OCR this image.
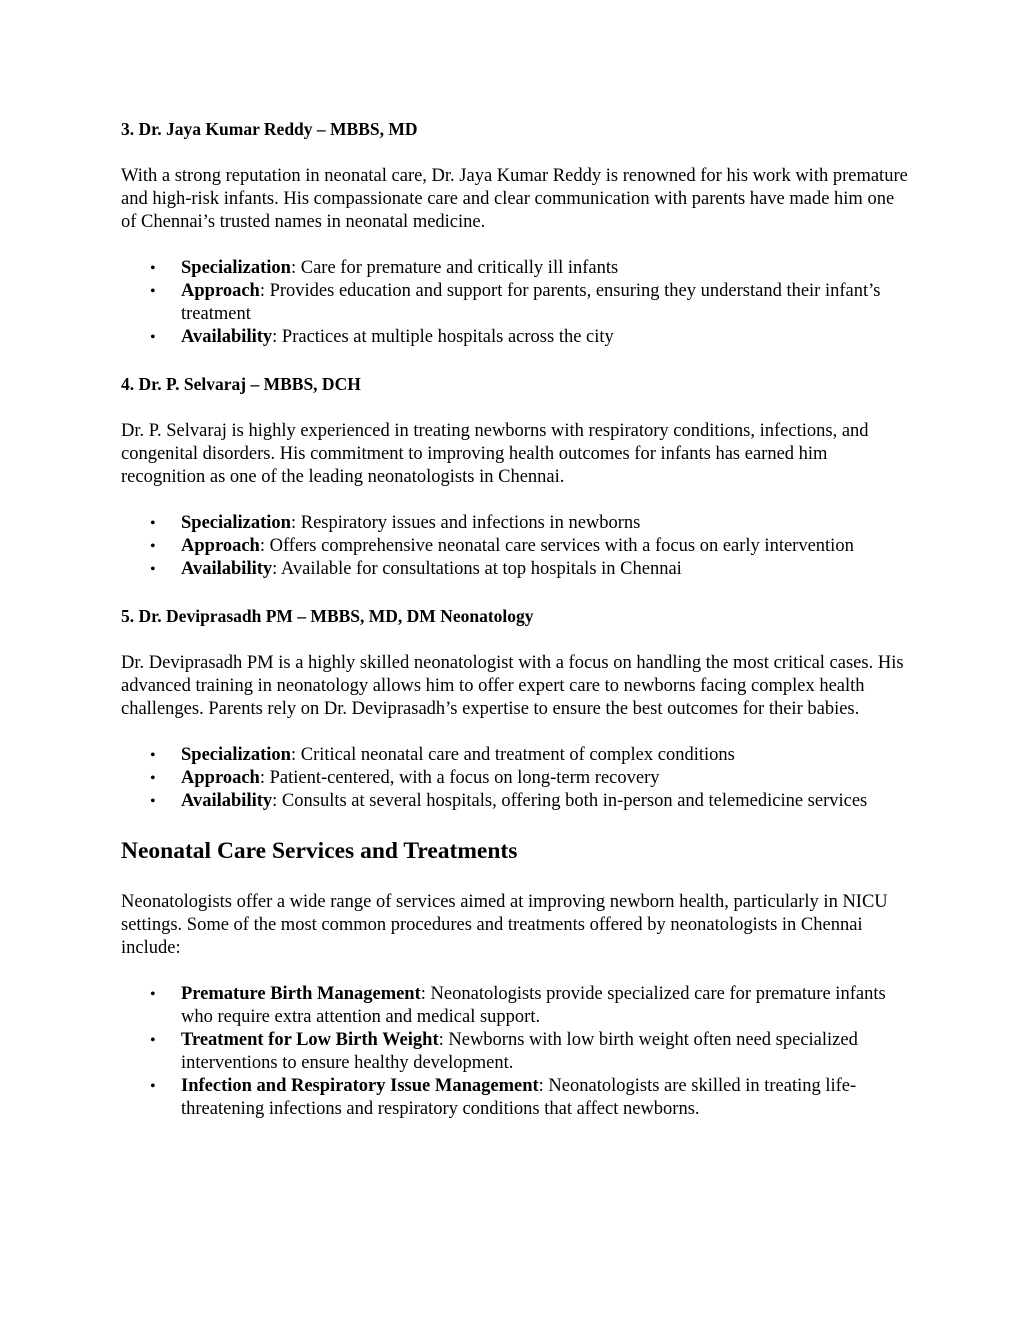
3. Dr. Jaya Kumar Reddy – MBBS, MD

With a strong reputation in neonatal care, Dr. Jaya Kumar Reddy is renowned for his work with premature and high-risk infants. His compassionate care and clear communication with parents have made him one of Chennai’s trusted names in neonatal medicine.

• Specialization: Care for premature and critically ill infants
• Approach: Provides education and support for parents, ensuring they understand their infant’s treatment
• Availability: Practices at multiple hospitals across the city
4. Dr. P. Selvaraj – MBBS, DCH

Dr. P. Selvaraj is highly experienced in treating newborns with respiratory conditions, infections, and congenital disorders. His commitment to improving health outcomes for infants has earned him recognition as one of the leading neonatologists in Chennai.

• Specialization: Respiratory issues and infections in newborns
• Approach: Offers comprehensive neonatal care services with a focus on early intervention
• Availability: Available for consultations at top hospitals in Chennai
5. Dr. Deviprasadh PM – MBBS, MD, DM Neonatology

Dr. Deviprasadh PM is a highly skilled neonatologist with a focus on handling the most critical cases. His advanced training in neonatology allows him to offer expert care to newborns facing complex health challenges. Parents rely on Dr. Deviprasadh’s expertise to ensure the best outcomes for their babies.

• Specialization: Critical neonatal care and treatment of complex conditions
• Approach: Patient-centered, with a focus on long-term recovery
• Availability: Consults at several hospitals, offering both in-person and telemedicine services
Neonatal Care Services and Treatments

Neonatologists offer a wide range of services aimed at improving newborn health, particularly in NICU settings. Some of the most common procedures and treatments offered by neonatologists in Chennai include:

• Premature Birth Management: Neonatologists provide specialized care for premature infants who require extra attention and medical support.
• Treatment for Low Birth Weight: Newborns with low birth weight often need specialized interventions to ensure healthy development.
• Infection and Respiratory Issue Management: Neonatologists are skilled in treating life-threatening infections and respiratory conditions that affect newborns.
